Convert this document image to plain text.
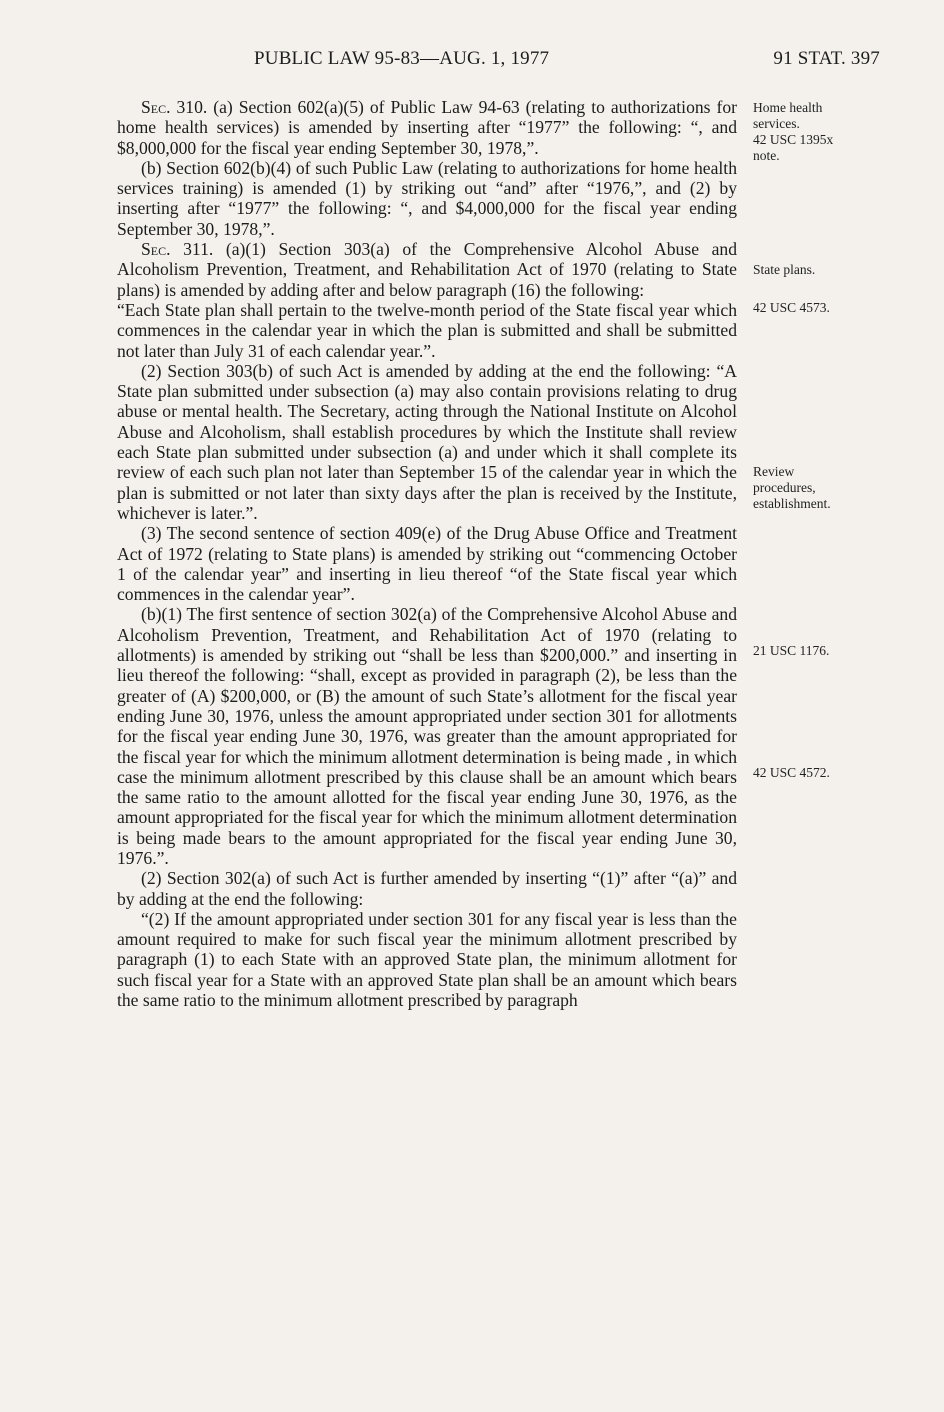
PUBLIC LAW 95-83—AUG. 1, 1977	91 STAT. 397

Sec. 310. (a) Section 602(a)(5) of Public Law 94-63 (relating to authorizations for home health services) is amended by inserting after “1977” the following: “, and $8,000,000 for the fiscal year ending September 30, 1978,”.

(b) Section 602(b)(4) of such Public Law (relating to authorizations for home health services training) is amended (1) by striking out “and” after “1976,”, and (2) by inserting after “1977” the following: “, and $4,000,000 for the fiscal year ending September 30, 1978,”.

Sec. 311. (a)(1) Section 303(a) of the Comprehensive Alcohol Abuse and Alcoholism Prevention, Treatment, and Rehabilitation Act of 1970 (relating to State plans) is amended by adding after and below paragraph (16) the following:

“Each State plan shall pertain to the twelve-month period of the State fiscal year which commences in the calendar year in which the plan is submitted and shall be submitted not later than July 31 of each calendar year.”.

(2) Section 303(b) of such Act is amended by adding at the end the following: “A State plan submitted under subsection (a) may also contain provisions relating to drug abuse or mental health. The Secretary, acting through the National Institute on Alcohol Abuse and Alcoholism, shall establish procedures by which the Institute shall review each State plan submitted under subsection (a) and under which it shall complete its review of each such plan not later than September 15 of the calendar year in which the plan is submitted or not later than sixty days after the plan is received by the Institute, whichever is later.”.

(3) The second sentence of section 409(e) of the Drug Abuse Office and Treatment Act of 1972 (relating to State plans) is amended by striking out “commencing October 1 of the calendar year” and inserting in lieu thereof “of the State fiscal year which commences in the calendar year”.

(b)(1) The first sentence of section 302(a) of the Comprehensive Alcohol Abuse and Alcoholism Prevention, Treatment, and Rehabilitation Act of 1970 (relating to allotments) is amended by striking out “shall be less than $200,000.” and inserting in lieu thereof the following: “shall, except as provided in paragraph (2), be less than the greater of (A) $200,000, or (B) the amount of such State’s allotment for the fiscal year ending June 30, 1976, unless the amount appropriated under section 301 for allotments for the fiscal year ending June 30, 1976, was greater than the amount appropriated for the fiscal year for which the minimum allotment determination is being made , in which case the minimum allotment prescribed by this clause shall be an amount which bears the same ratio to the amount allotted for the fiscal year ending June 30, 1976, as the amount appropriated for the fiscal year for which the minimum allotment determination is being made bears to the amount appropriated for the fiscal year ending June 30, 1976.”.

(2) Section 302(a) of such Act is further amended by inserting “(1)” after “(a)” and by adding at the end the following:

“(2) If the amount appropriated under section 301 for any fiscal year is less than the amount required to make for such fiscal year the minimum allotment prescribed by paragraph (1) to each State with an approved State plan, the minimum allotment for such fiscal year for a State with an approved State plan shall be an amount which bears the same ratio to the minimum allotment prescribed by paragraph

Home health
services.
42 USC 1395x
note.
State plans.
42 USC 4573.
Review
procedures,
establishment.
21 USC 1176.
42 USC 4572.
